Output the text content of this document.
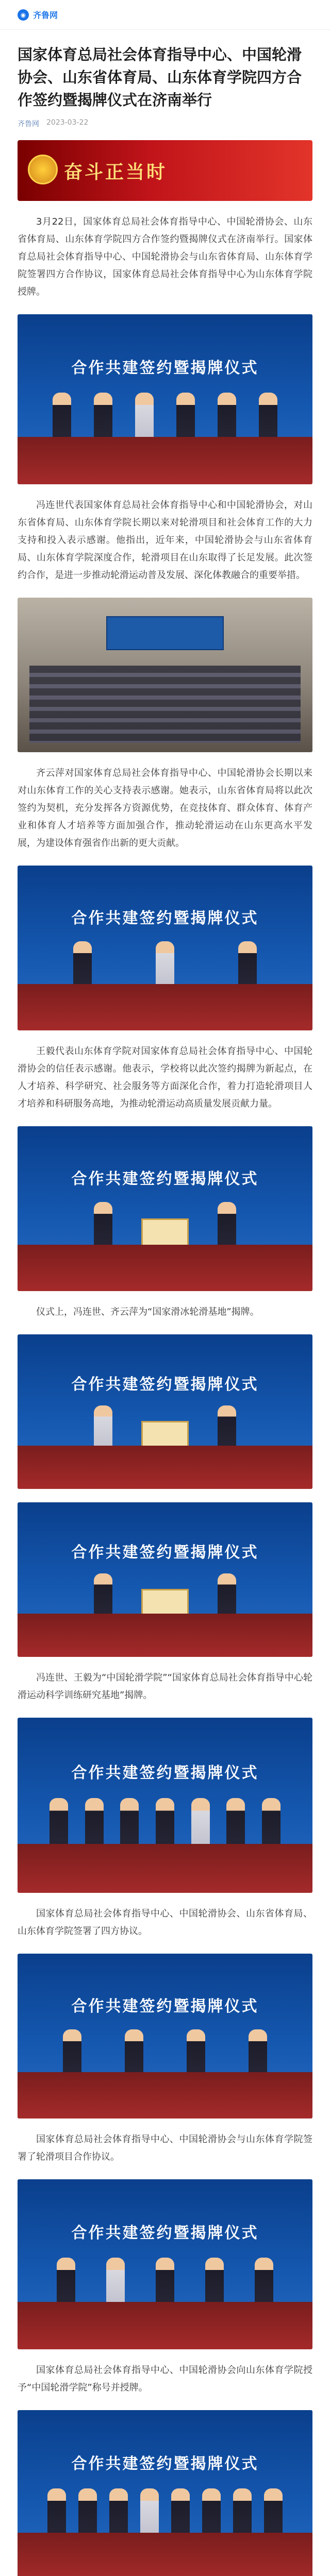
◉ 齐鲁网
国家体育总局社会体育指导中心、中国轮滑协会、山东省体育局、山东体育学院四方合作签约暨揭牌仪式在济南举行
齐鲁网 2023-03-22
奋斗正当时

3月22日，国家体育总局社会体育指导中心、中国轮滑协会、山东省体育局、山东体育学院四方合作签约暨揭牌仪式在济南举行。国家体育总局社会体育指导中心、中国轮滑协会与山东省体育局、山东体育学院签署四方合作协议，国家体育总局社会体育指导中心为山东体育学院授牌。

合作共建签约暨揭牌仪式

冯连世代表国家体育总局社会体育指导中心和中国轮滑协会，对山东省体育局、山东体育学院长期以来对轮滑项目和社会体育工作的大力支持和投入表示感谢。他指出，近年来，中国轮滑协会与山东省体育局、山东体育学院深度合作，轮滑项目在山东取得了长足发展。此次签约合作，是进一步推动轮滑运动普及发展、深化体教融合的重要举措。

齐云萍对国家体育总局社会体育指导中心、中国轮滑协会长期以来对山东体育工作的关心支持表示感谢。她表示，山东省体育局将以此次签约为契机，充分发挥各方资源优势，在竞技体育、群众体育、体育产业和体育人才培养等方面加强合作，推动轮滑运动在山东更高水平发展，为建设体育强省作出新的更大贡献。

合作共建签约暨揭牌仪式

王毅代表山东体育学院对国家体育总局社会体育指导中心、中国轮滑协会的信任表示感谢。他表示，学校将以此次签约揭牌为新起点，在人才培养、科学研究、社会服务等方面深化合作，着力打造轮滑项目人才培养和科研服务高地，为推动轮滑运动高质量发展贡献力量。

合作共建签约暨揭牌仪式

仪式上，冯连世、齐云萍为“国家滑冰轮滑基地”揭牌。

合作共建签约暨揭牌仪式
合作共建签约暨揭牌仪式

冯连世、王毅为“中国轮滑学院”“国家体育总局社会体育指导中心轮滑运动科学训练研究基地”揭牌。

合作共建签约暨揭牌仪式

国家体育总局社会体育指导中心、中国轮滑协会、山东省体育局、山东体育学院签署了四方协议。

合作共建签约暨揭牌仪式

国家体育总局社会体育指导中心、中国轮滑协会与山东体育学院签署了轮滑项目合作协议。

合作共建签约暨揭牌仪式

国家体育总局社会体育指导中心、中国轮滑协会向山东体育学院授予“中国轮滑学院”称号并授牌。

合作共建签约暨揭牌仪式
